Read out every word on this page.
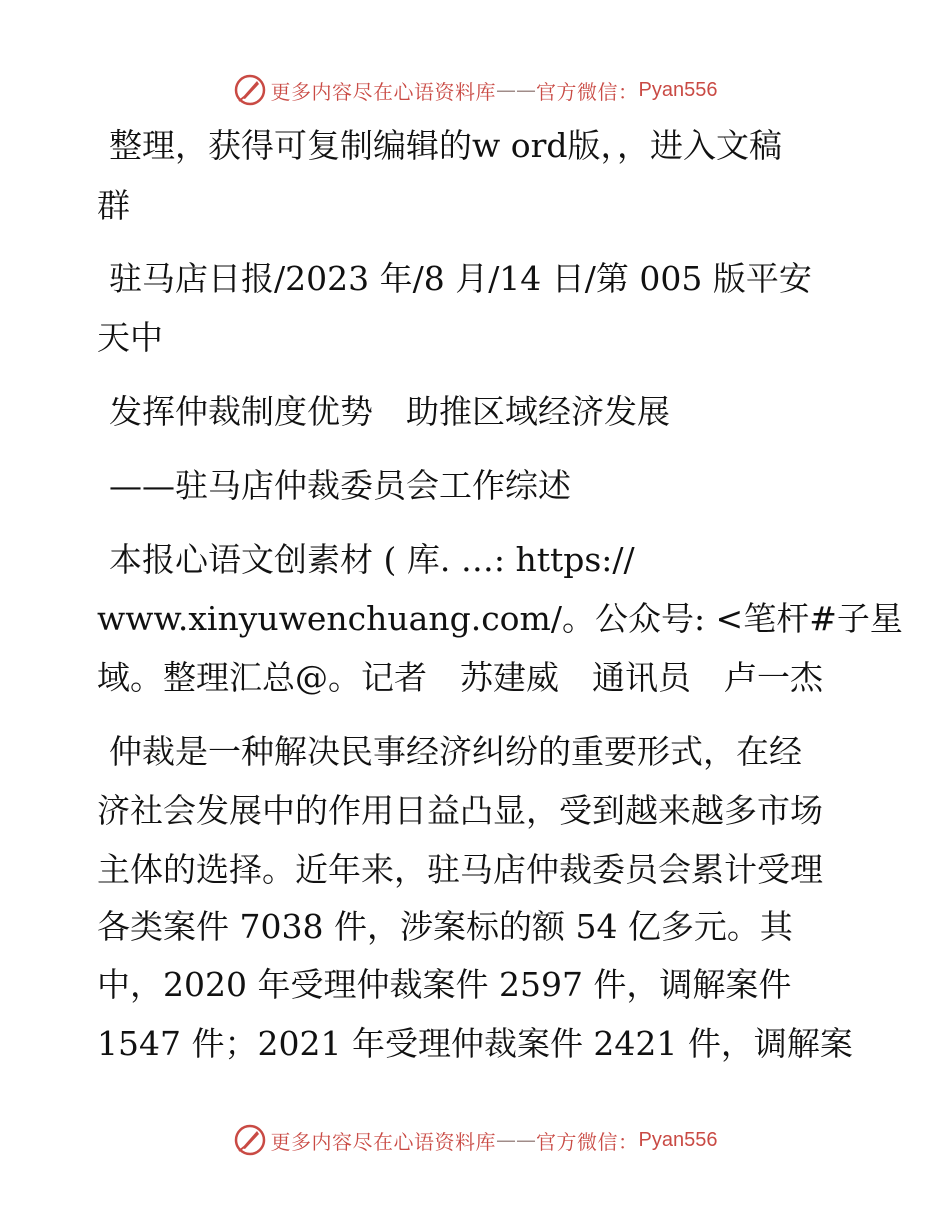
更多内容尽在心语资料库 —— 官方微信： Pyan556
整理，获得可复制编辑的w ord版，，进入文稿
群
驻马店日报/2023 年/8 月/14 日/第 005 版平安
天中
发挥仲裁制度优势　助推区域经济发展
——驻马店仲裁委员会工作综述
本报心语文创素材 ( 库. …: https://
www.xinyuwenchuang.com/。公众号: <笔杆#子星
域。整理汇总@。记者　苏建威　通讯员　卢一杰
仲裁是一种解决民事经济纠纷的重要形式，在经
济社会发展中的作用日益凸显，受到越来越多市场
主体的选择。近年来，驻马店仲裁委员会累计受理
各类案件 7038 件，涉案标的额 54 亿多元。其
中，2020 年受理仲裁案件 2597 件，调解案件
1547 件；2021 年受理仲裁案件 2421 件，调解案
更多内容尽在心语资料库 —— 官方微信： Pyan556
